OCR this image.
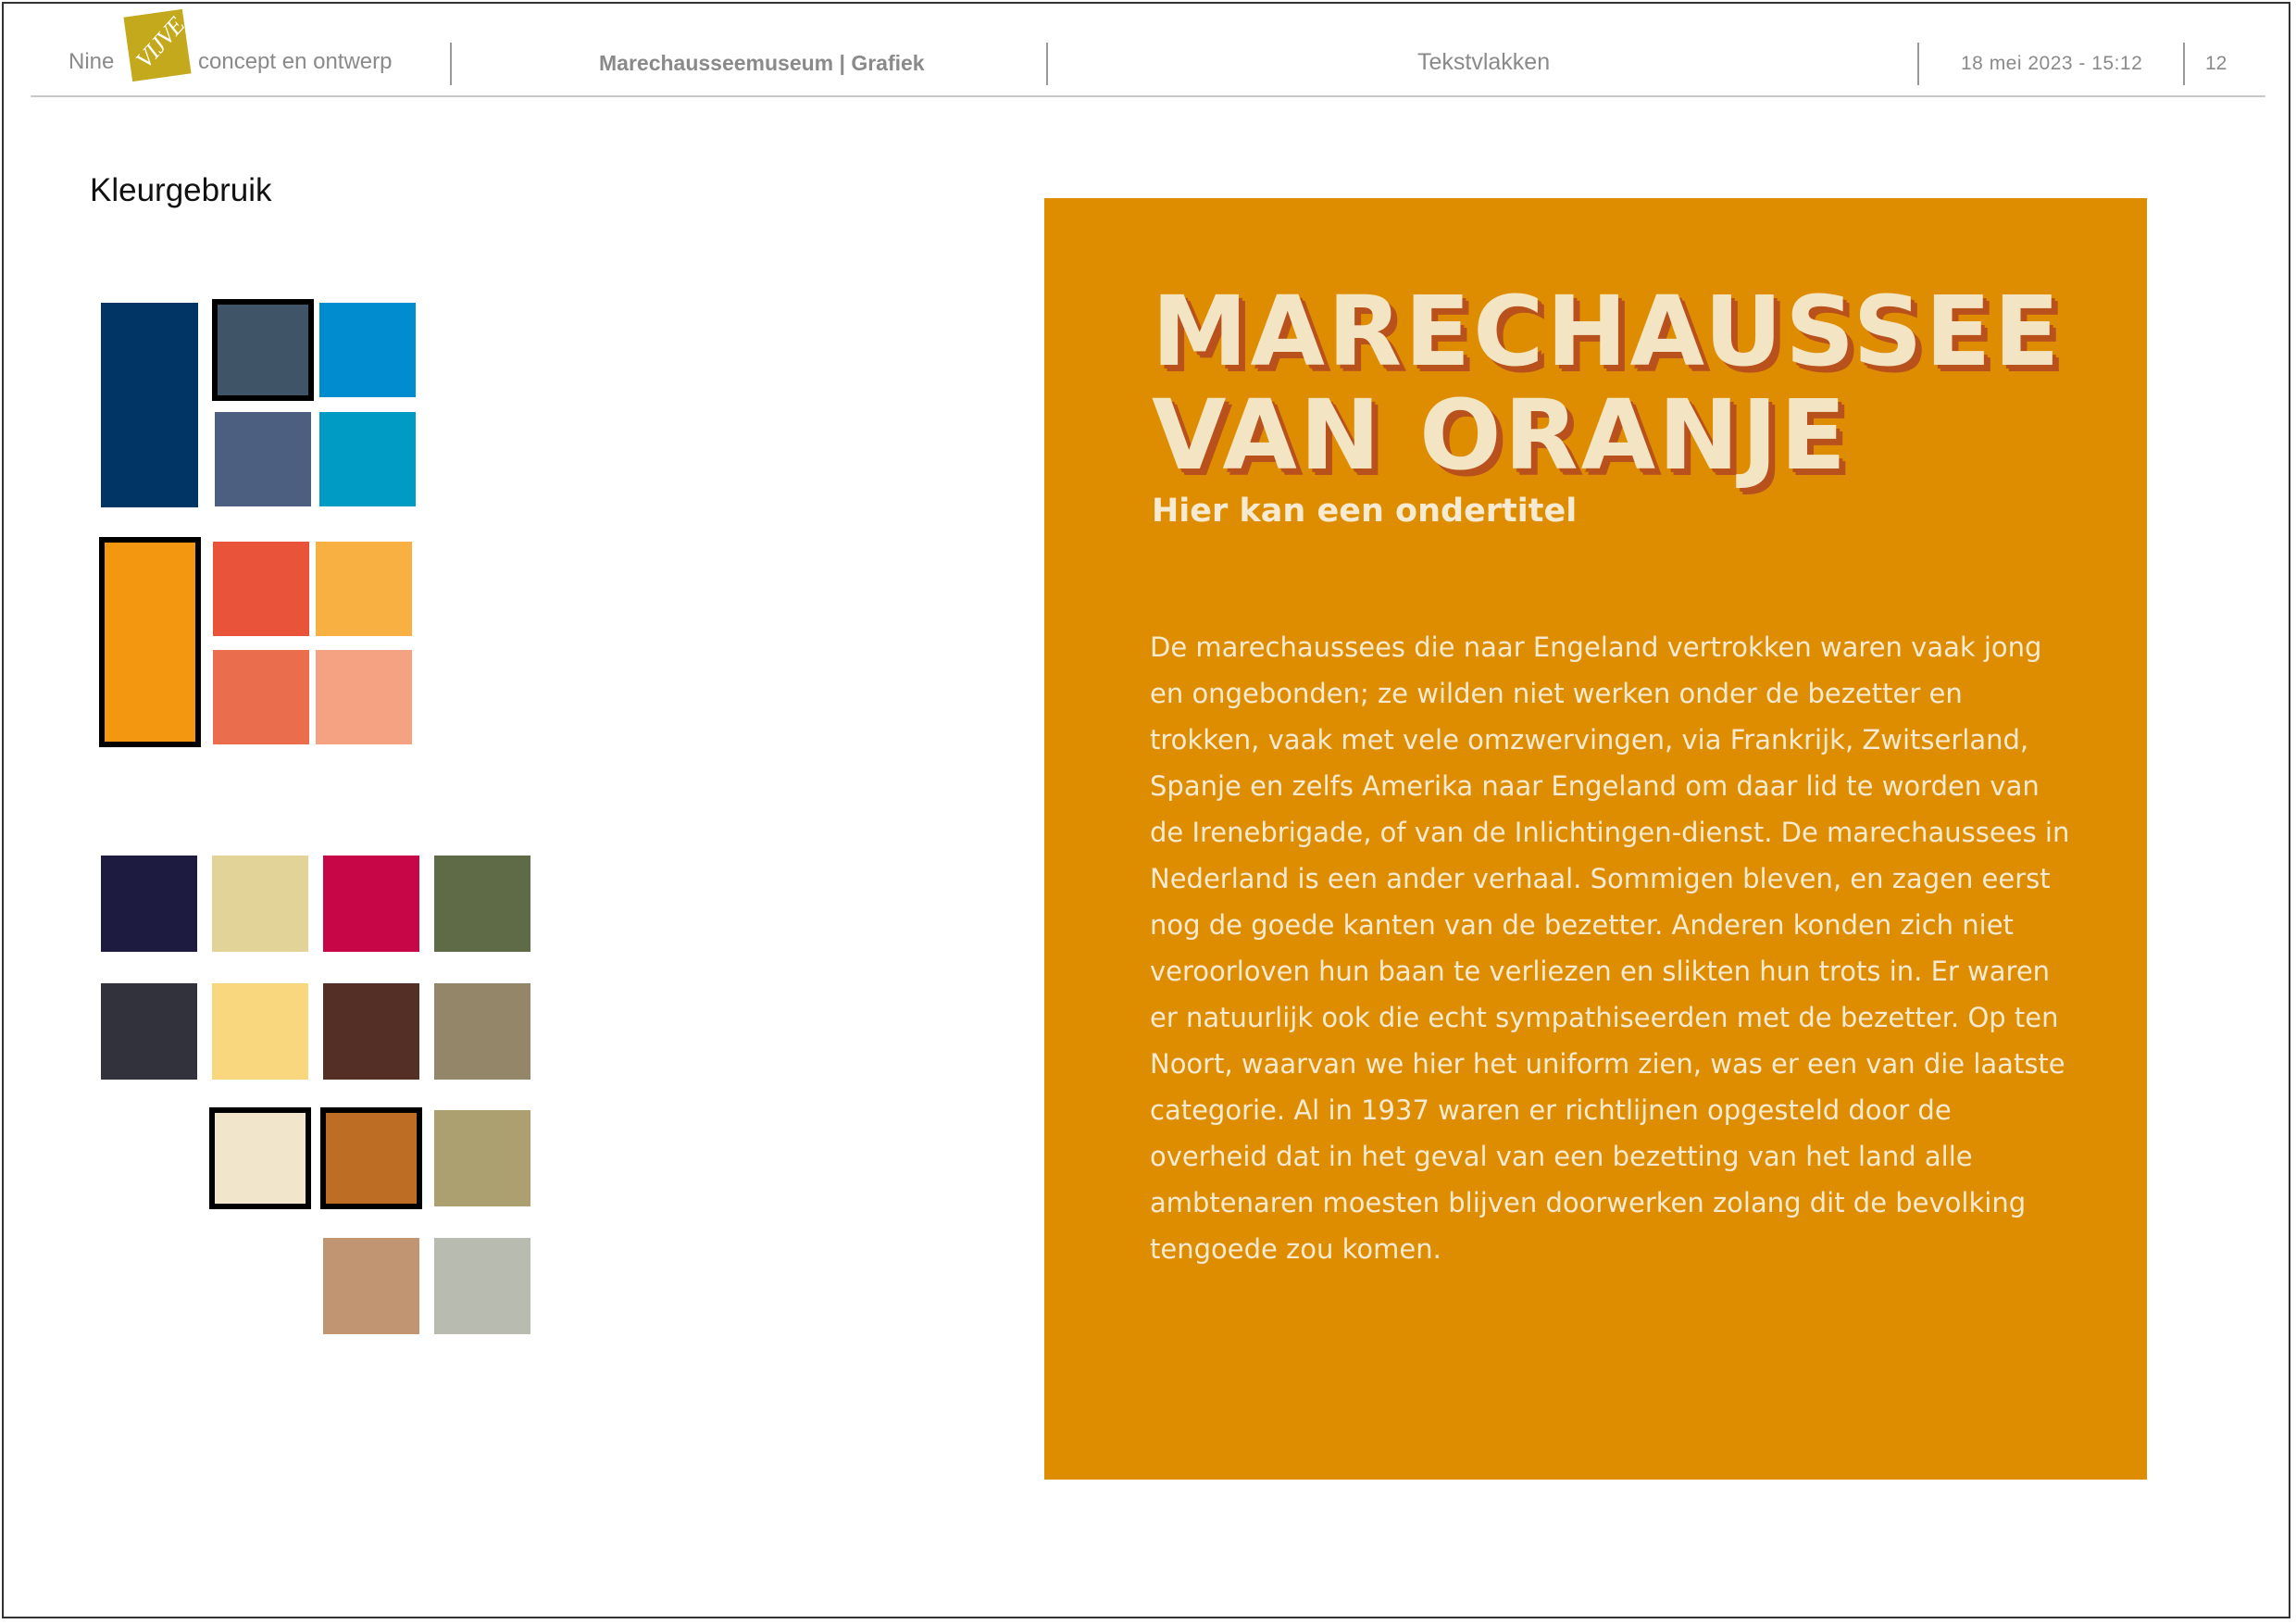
Nine VIJVE concept en ontwerp	Marechausseemuseum | Grafiek	Tekstvlakken	18 mei 2023 - 15:12	12
Kleurgebruik
MARECHAUSSEE
VAN ORANJE
Hier kan een ondertitel

De marechaussees die naar Engeland vertrokken waren vaak jong en ongebonden; ze wilden niet werken onder de bezetter en trokken, vaak met vele omzwervingen, via Frankrijk, Zwitserland, Spanje en zelfs Amerika naar Engeland om daar lid te worden van de Irenebrigade, of van de Inlichtingen-dienst. De marechaussees in Nederland is een ander verhaal. Sommigen bleven, en zagen eerst nog de goede kanten van de bezetter. Anderen konden zich niet veroorloven hun baan te verliezen en slikten hun trots in. Er waren er natuurlijk ook die echt sympathiseerden met de bezetter. Op ten Noort, waarvan we hier het uniform zien, was er een van die laatste categorie. Al in 1937 waren er richtlijnen opgesteld door de overheid dat in het geval van een bezetting van het land alle ambtenaren moesten blijven doorwerken zolang dit de bevolking tengoede zou komen.
